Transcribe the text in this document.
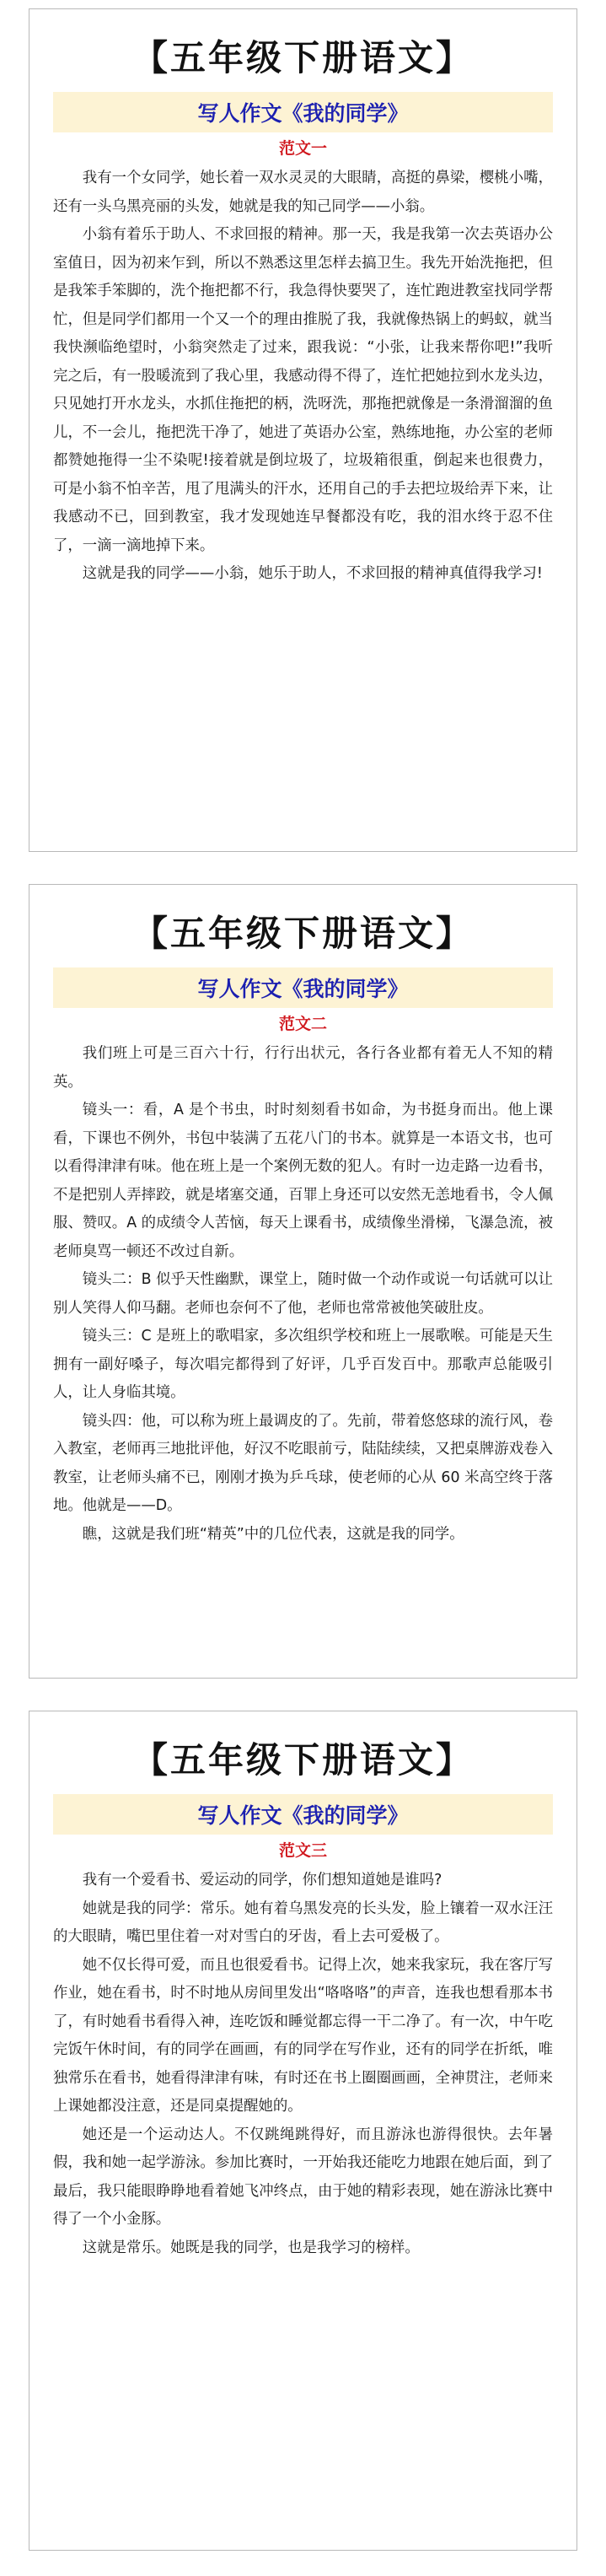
【五年级下册语文】
写人作文《我的同学》
范文一

我有一个女同学，她长着一双水灵灵的大眼睛，高挺的鼻梁，樱桃小嘴，还有一头乌黑亮丽的头发，她就是我的知己同学——小翁。

小翁有着乐于助人、不求回报的精神。那一天，我是我第一次去英语办公室值日，因为初来乍到，所以不熟悉这里怎样去搞卫生。我先开始洗拖把，但是我笨手笨脚的，洗个拖把都不行，我急得快要哭了，连忙跑进教室找同学帮忙，但是同学们都用一个又一个的理由推脱了我，我就像热锅上的蚂蚁，就当我快濒临绝望时，小翁突然走了过来，跟我说：“小张，让我来帮你吧!”我听完之后，有一股暖流到了我心里，我感动得不得了，连忙把她拉到水龙头边，只见她打开水龙头，水抓住拖把的柄，洗呀洗，那拖把就像是一条滑溜溜的鱼儿，不一会儿，拖把洗干净了，她进了英语办公室，熟练地拖，办公室的老师都赞她拖得一尘不染呢!接着就是倒垃圾了，垃圾箱很重，倒起来也很费力，可是小翁不怕辛苦，甩了甩满头的汗水，还用自己的手去把垃圾给弄下来，让我感动不已，回到教室，我才发现她连早餐都没有吃，我的泪水终于忍不住了，一滴一滴地掉下来。

这就是我的同学——小翁，她乐于助人，不求回报的精神真值得我学习!

【五年级下册语文】
写人作文《我的同学》
范文二

我们班上可是三百六十行，行行出状元，各行各业都有着无人不知的精英。

镜头一：看，A 是个书虫，时时刻刻看书如命，为书挺身而出。他上课看，下课也不例外，书包中装满了五花八门的书本。就算是一本语文书，也可以看得津津有味。他在班上是一个案例无数的犯人。有时一边走路一边看书，不是把别人弄摔跤，就是堵塞交通，百罪上身还可以安然无恙地看书，令人佩服、赞叹。A 的成绩令人苦恼，每天上课看书，成绩像坐滑梯，飞瀑急流，被老师臭骂一顿还不改过自新。

镜头二：B 似乎天性幽默，课堂上，随时做一个动作或说一句话就可以让别人笑得人仰马翻。老师也奈何不了他，老师也常常被他笑破肚皮。

镜头三：C 是班上的歌唱家，多次组织学校和班上一展歌喉。可能是天生拥有一副好嗓子，每次唱完都得到了好评，几乎百发百中。那歌声总能吸引人，让人身临其境。

镜头四：他，可以称为班上最调皮的了。先前，带着悠悠球的流行风，卷入教室，老师再三地批评他，好汉不吃眼前亏，陆陆续续，又把桌牌游戏卷入教室，让老师头痛不已，刚刚才换为乒乓球，使老师的心从 60 米高空终于落地。他就是——D。

瞧，这就是我们班“精英”中的几位代表，这就是我的同学。

【五年级下册语文】
写人作文《我的同学》
范文三

我有一个爱看书、爱运动的同学，你们想知道她是谁吗?

她就是我的同学：常乐。她有着乌黑发亮的长头发，脸上镶着一双水汪汪的大眼睛，嘴巴里住着一对对雪白的牙齿，看上去可爱极了。

她不仅长得可爱，而且也很爱看书。记得上次，她来我家玩，我在客厅写作业，她在看书，时不时地从房间里发出“咯咯咯”的声音，连我也想看那本书了，有时她看书看得入神，连吃饭和睡觉都忘得一干二净了。有一次，中午吃完饭午休时间，有的同学在画画，有的同学在写作业，还有的同学在折纸，唯独常乐在看书，她看得津津有味，有时还在书上圈圈画画，全神贯注，老师来上课她都没注意，还是同桌提醒她的。

她还是一个运动达人。不仅跳绳跳得好，而且游泳也游得很快。去年暑假，我和她一起学游泳。参加比赛时，一开始我还能吃力地跟在她后面，到了最后，我只能眼睁睁地看着她飞冲终点，由于她的精彩表现，她在游泳比赛中得了一个小金豚。

这就是常乐。她既是我的同学，也是我学习的榜样。
